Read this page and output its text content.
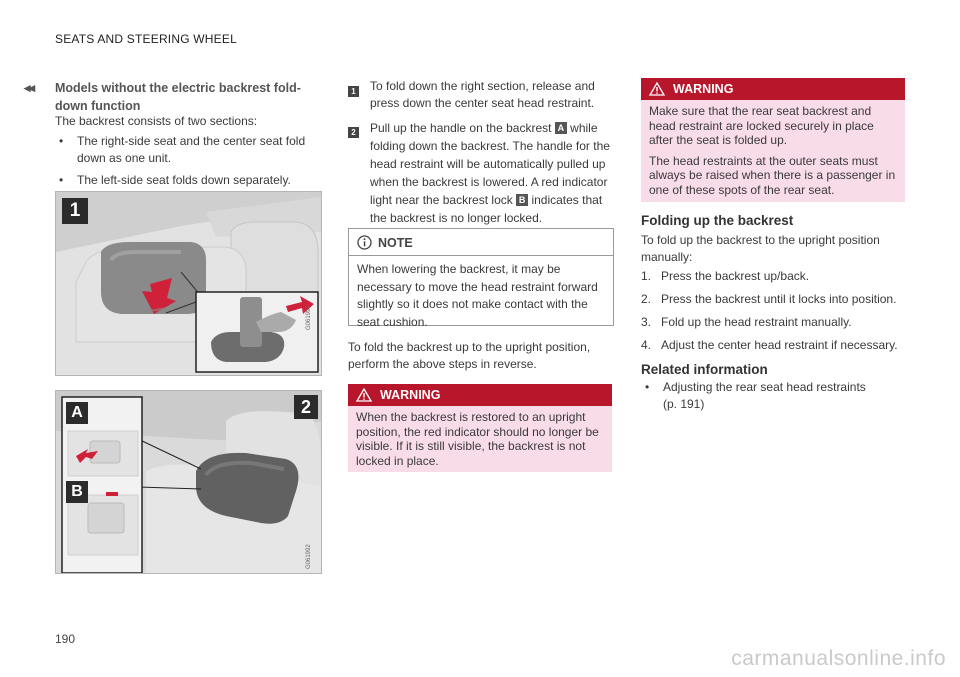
SEATS AND STEERING WHEEL
◂◂ Models without the electric backrest fold-down function
The backrest consists of two sections:
•	The right-side seat and the center seat fold down as one unit.
•	The left-side seat folds down separately.
1
G061991
A
B
2
G061992
1	To fold down the right section, release and press down the center seat head restraint.
2	Pull up the handle on the backrest A while folding down the backrest. The handle for the head restraint will be automatically pulled up when the backrest is lowered. A red indicator light near the backrest lock B indicates that the backrest is no longer locked.
NOTE
When lowering the backrest, it may be necessary to move the head restraint forward slightly so it does not make contact with the seat cushion.
To fold the backrest up to the upright position, perform the above steps in reverse.
WARNING
When the backrest is restored to an upright position, the red indicator should no longer be visible. If it is still visible, the backrest is not locked in place.
WARNING
Make sure that the rear seat backrest and head restraint are locked securely in place after the seat is folded up.
The head restraints at the outer seats must always be raised when there is a passenger in one of these spots of the rear seat.
Folding up the backrest
To fold up the backrest to the upright position manually:
1. Press the backrest up/back.
2. Press the backrest until it locks into position.
3. Fold up the head restraint manually.
4. Adjust the center head restraint if necessary.
Related information
•	Adjusting the rear seat head restraints (p. 191)
190
carmanualsonline.info
